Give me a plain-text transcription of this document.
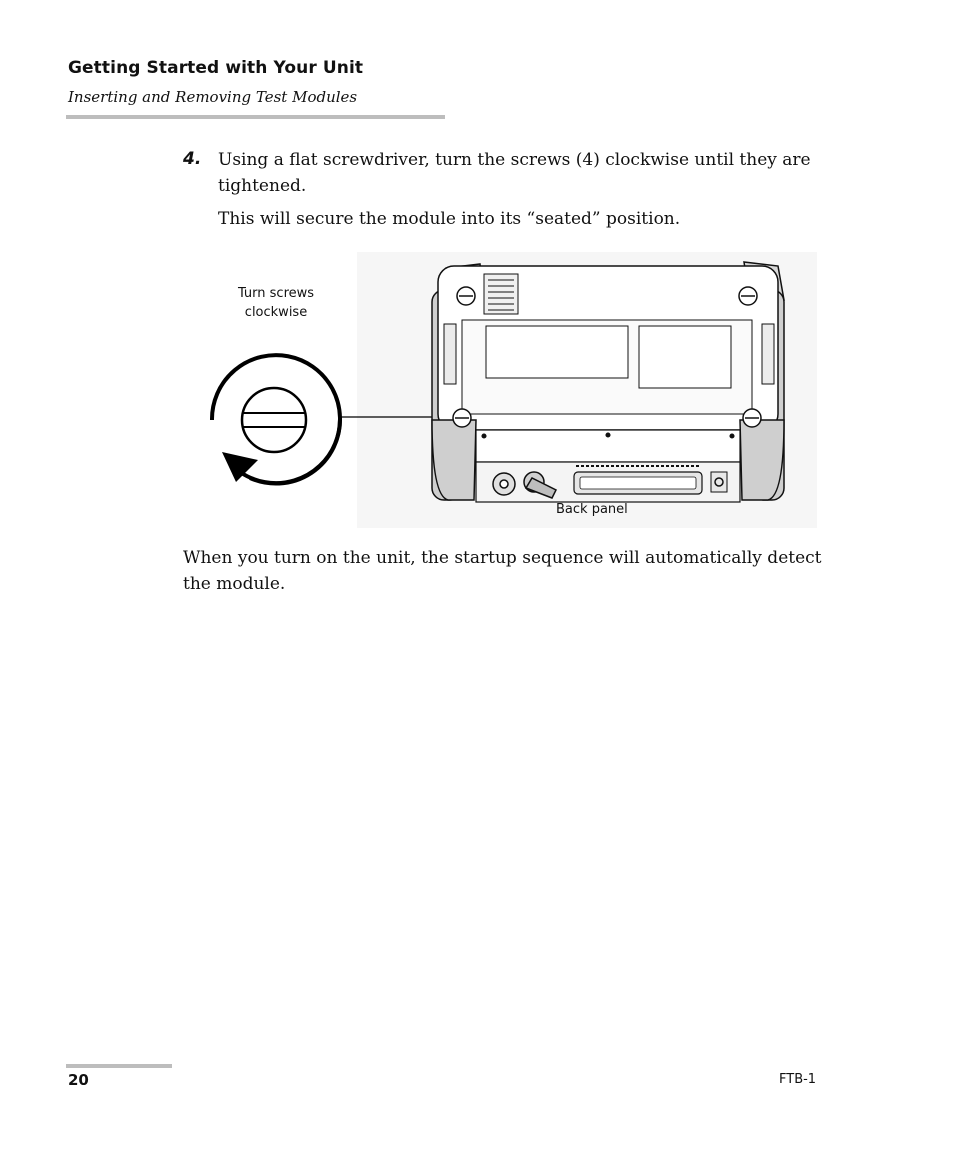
Getting Started with Your Unit
Inserting and Removing Test Modules
4. Using a flat screwdriver, turn the screws (4) clockwise until they are tightened.
This will secure the module into its “seated” position.
Turn screws
clockwise
Back panel
When you turn on the unit, the startup sequence will automatically detect the module.
20	FTB-1
